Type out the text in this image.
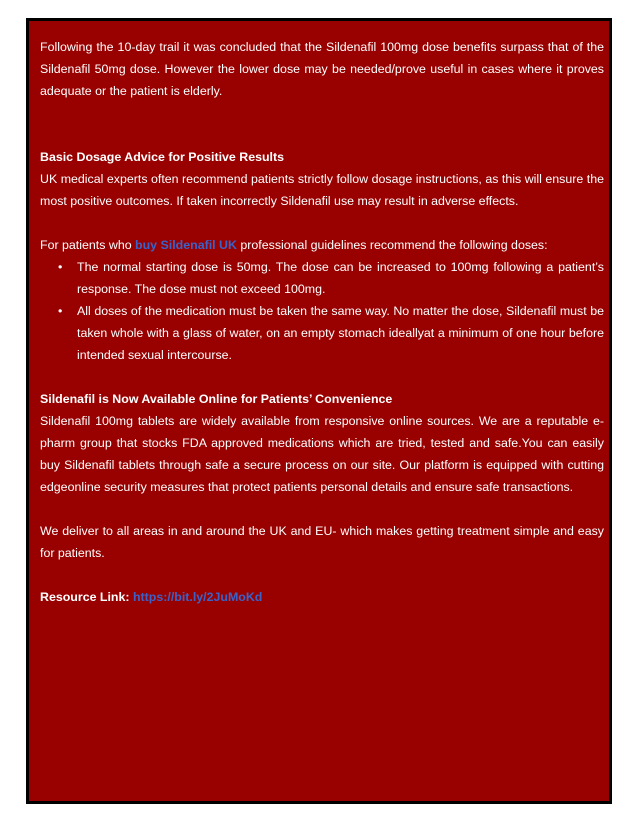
Following the 10-day trail it was concluded that the Sildenafil 100mg dose benefits surpass that of the Sildenafil 50mg dose. However the lower dose may be needed/prove useful in cases where it proves adequate or the patient is elderly.

Basic Dosage Advice for Positive Results

UK medical experts often recommend patients strictly follow dosage instructions, as this will ensure the most positive outcomes. If taken incorrectly Sildenafil use may result in adverse effects.

For patients who buy Sildenafil UK professional guidelines recommend the following doses:

• The normal starting dose is 50mg. The dose can be increased to 100mg following a patient’s response. The dose must not exceed 100mg.
• All doses of the medication must be taken the same way. No matter the dose, Sildenafil must be taken whole with a glass of water, on an empty stomach ideallyat a minimum of one hour before intended sexual intercourse.

Sildenafil is Now Available Online for Patients’ Convenience

Sildenafil 100mg tablets are widely available from responsive online sources. We are a reputable e-pharm group that stocks FDA approved medications which are tried, tested and safe.You can easily buy Sildenafil tablets through safe a secure process on our site. Our platform is equipped with cutting edgeonline security measures that protect patients personal details and ensure safe transactions.

We deliver to all areas in and around the UK and EU- which makes getting treatment simple and easy for patients.

Resource Link: https://bit.ly/2JuMoKd
